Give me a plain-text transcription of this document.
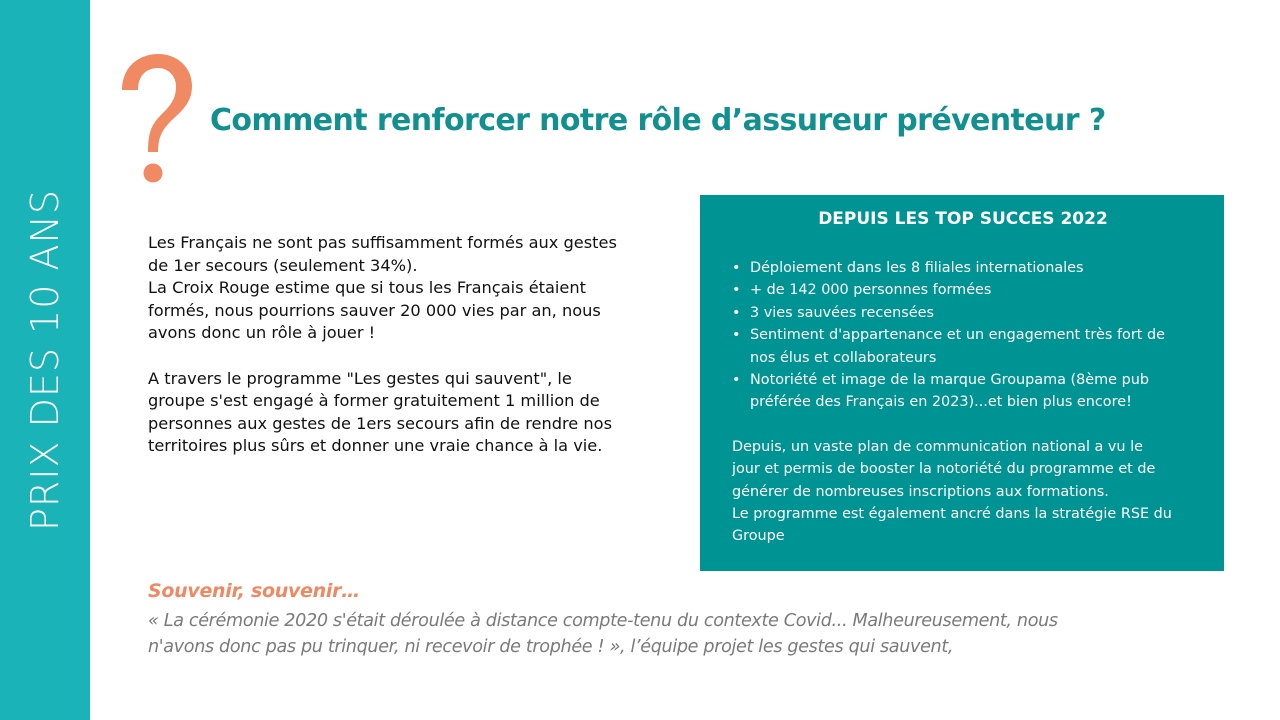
PRIX DES 10 ANS
Comment renforcer notre rôle d’assureur préventeur ?

Les Français ne sont pas suffisamment formés aux gestes

de 1er secours (seulement 34%).

La Croix Rouge estime que si tous les Français étaient

formés, nous pourrions sauver 20 000 vies par an, nous

avons donc un rôle à jouer !

A travers le programme "Les gestes qui sauvent", le

groupe s'est engagé à former gratuitement 1 million de

personnes aux gestes de 1ers secours afin de rendre nos

territoires plus sûrs et donner une vraie chance à la vie.

DEPUIS LES TOP SUCCES 2022
• Déploiement dans les 8 filiales internationales
• + de 142 000 personnes formées
• 3 vies sauvées recensées
• Sentiment d'appartenance et un engagement très fort de nos élus et collaborateurs
• Notoriété et image de la marque Groupama (8ème pub préférée des Français en 2023)...et bien plus encore!

Depuis, un vaste plan de communication national a vu le

jour et permis de booster la notoriété du programme et de

générer de nombreuses inscriptions aux formations.

Le programme est également ancré dans la stratégie RSE du

Groupe

Souvenir, souvenir…

« La cérémonie 2020 s'était déroulée à distance compte-tenu du contexte Covid... Malheureusement, nous

n'avons donc pas pu trinquer, ni recevoir de trophée ! », l’équipe projet les gestes qui sauvent,
